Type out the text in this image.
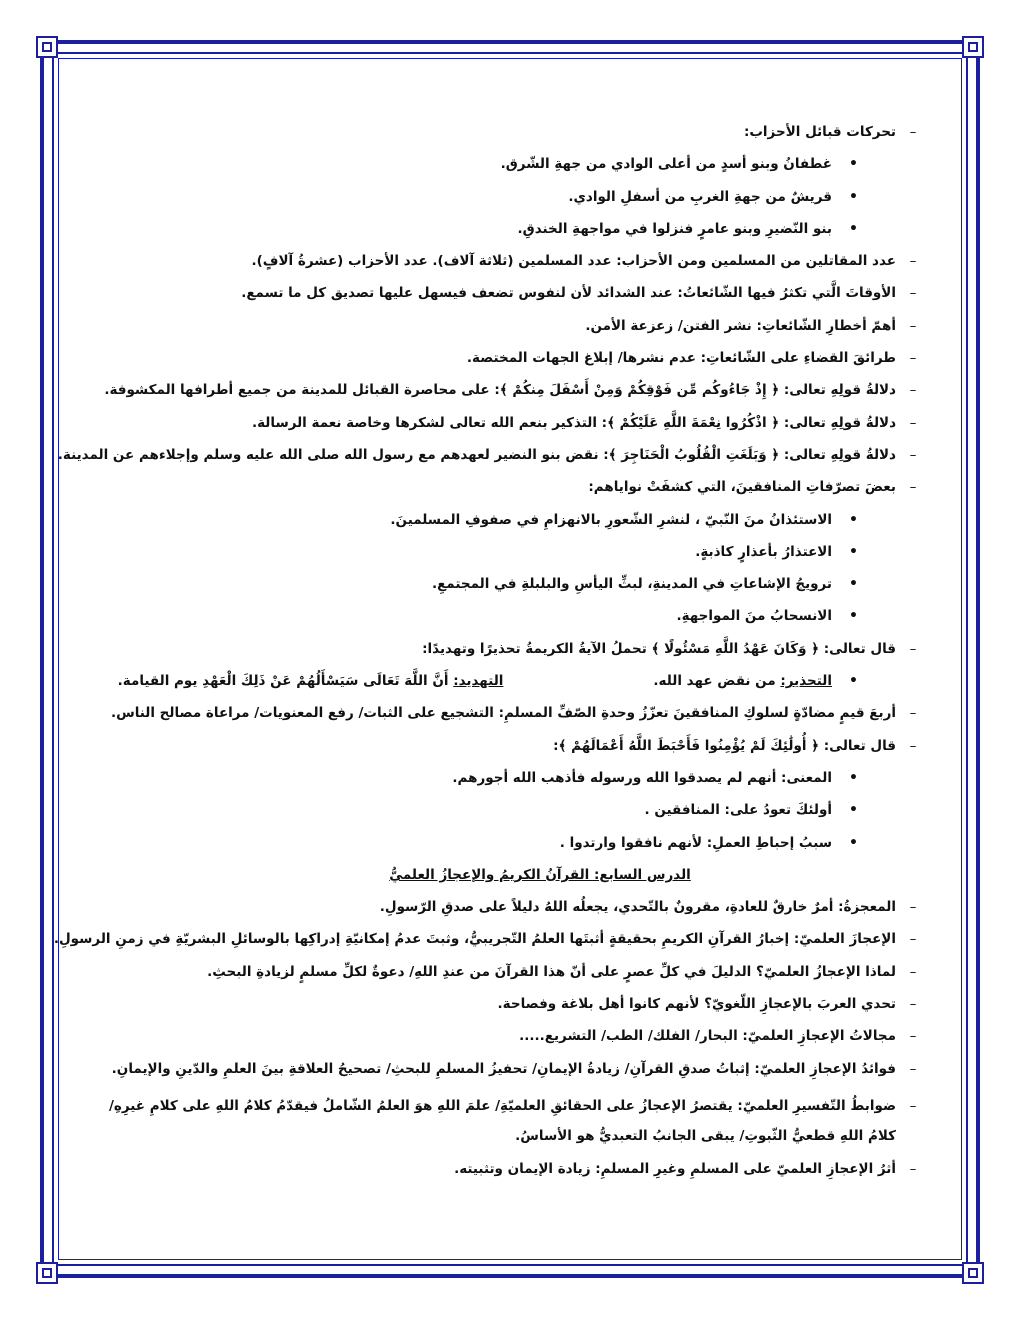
–
تحركات قبائل الأحزاب:
•
غطفانُ وبنو أسدٍ من أعلى الوادي من جهةِ الشّرق.
•
قريشٌ من جهةِ الغربِ من أسفلِ الوادي.
•
بنو النّضيرِ وبنو عامرٍ فنزلوا في مواجهةِ الخندقِ.
–
عدد المقاتلين من المسلمين ومن الأحزاب: عدد المسلمين (ثلاثة آلاف). عدد الأحزاب (عشرةُ آلافٍ).
–
الأوقاتَ الَّتي تكثرُ فيها الشّائعاتُ: عند الشدائد لأن لنفوس تضعف فيسهل عليها تصديق كل ما تسمع.
–
أهمّ أخطارِ الشّائعاتِ: نشر الفتن/ زعزعة الأمن.
–
طرائقَ القضاءِ على الشّائعاتِ: عدم نشرها/ إبلاغ الجهات المختصة.
–
دلالةُ قولِهِ تعالى: ﴿ إِذْ جَاءُوكُم مِّن فَوْقِكُمْ وَمِنْ أَسْفَلَ مِنكُمْ ﴾: على محاصرة القبائل للمدينة من جميع أطرافها المكشوفة.
–
دلالةُ قولِهِ تعالى: ﴿ اذْكُرُوا نِعْمَةَ اللَّهِ عَلَيْكُمْ ﴾: التذكير بنعم الله تعالى لشكرها وخاصة نعمة الرسالة.
–
دلالةُ قولِهِ تعالى: ﴿ وَبَلَغَتِ الْقُلُوبُ الْحَنَاجِرَ ﴾: نقض بنو النضير لعهدهم مع رسول الله صلى الله عليه وسلم وإجلاءهم عن المدينة.
–
بعضَ تصرّفاتِ المنافقينَ، التي كشفَتْ نواياهم:
•
الاستئذانُ منَ النّبيّ ، لنشرِ الشّعورِ بالانهزامِ في صفوفِ المسلمينَ.
•
الاعتذارُ بأعذارٍ كاذبةٍ.
•
ترويجُ الإشاعاتِ في المدينةِ، لبثِّ اليأسِ والبلبلةِ في المجتمعِ.
•
الانسحابُ منَ المواجهةِ.
–
قال تعالى: ﴿ وَكَانَ عَهْدُ اللَّهِ مَسْئُولًا ﴾ تحملُ الآيةُ الكريمةُ تحذيرًا وتهديدًا:
•
التحذير: من نقض عهد الله.التهديد: أَنَّ اللَّهَ تَعَالَى سَيَسْأَلُهُمْ عَنْ ذَلِكَ الْعَهْدِ يوم القيامة.
–
أربعَ قيمٍ مضادّةٍ لسلوكِ المنافقينَ تعزّزُ وحدةِ الصّفِّ المسلمِ: التشجيع على الثبات/ رفع المعنويات/ مراعاة مصالح الناس.
–
قال تعالى: ﴿ أُولَٰئِكَ لَمْ يُؤْمِنُوا فَأَحْبَطَ اللَّهُ أَعْمَالَهُمْ ﴾:
•
المعنى: أنهم لم يصدقوا الله ورسوله فأذهب الله أجورهم.
•
أولئكَ تعودُ على: المنافقين .
•
سببُ إحباطِ العملِ: لأنهم نافقوا وارتدوا .
الدرس السابع: القرآنُ الكريمُ والإعجازُ العلميُّ
–
المعجزةُ: أمرٌ خارقٌ للعادةِ، مقرونٌ بالتّحدي، يجعلُه اللهُ دليلاً على صدقِ الرّسولِ.
–
الإعجازَ العلميّ: إخبارُ القرآنِ الكريمِ بحقيقةٍ أثبتَها العلمُ التّجريبيُّ، وثبتَ عدمُ إمكانيّةِ إدراكِها بالوسائلِ البشريّةِ في زمنِ الرسولِ.
–
لماذا الإعجازُ العلميّ؟ الدليلَ في كلِّ عصرٍ على أنّ هذا القرآنَ من عندِ اللهِ/ دعوةٌ لكلِّ مسلمٍ لزيادةِ البحثِ.
–
تحدي العربَ بالإعجازِ اللّغويّ؟ لأنهم كانوا أهل بلاغة وفصاحة.
–
مجالاتُ الإعجازِ العلميّ: البحار/ الفلك/ الطب/ التشريع.....
–
فوائدُ الإعجازِ العلميّ: إثباتُ صدقِ القرآنِ/ زيادةُ الإيمانِ/ تحفيزُ المسلمِ للبحثِ/ تصحيحُ العلاقةِ بينَ العلمِ والدّينِ والإيمانِ.
–
ضوابطُ التّفسيرِ العلميّ: يقتصرُ الإعجازُ على الحقائقِ العلميّةِ/ علمَ اللهِ هوَ العلمُ الشّاملُ فيقدّمُ كلامُ اللهِ على كلامِ غيرِهِ/ كلامُ اللهِ قطعيُّ الثّبوتِ/ يبقى الجانبُ التعبديُّ هو الأساسُ.
–
أثرُ الإعجازِ العلميّ على المسلمِ وغيرِ المسلمِ: زيادة الإيمان وتثبيته.
